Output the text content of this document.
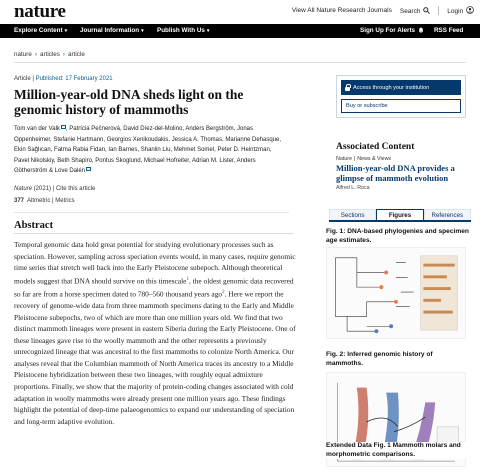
nature	View All Nature Research Journals Search	Login
Explore Content ▾ Journal Information ▾ Publish With Us ▾	Sign Up For Alerts	RSS Feed
nature › articles › article
Article | Published: 17 February 2021
Million-year-old DNA sheds light on the genomic history of mammoths
Tom van der Valk , Patrícia Pečnerová, David Díez-del-Molino, Anders Bergström, Jonas Oppenheimer, Stefanie Hartmann, Georgios Xenikoudakis, Jessica A. Thomas, Marianne Dehasque, Ekin Sağlıcan, Fatma Rabia Fidan, Ian Barnes, Shanlin Liu, Mehmet Somel, Peter D. Heintzman, Pavel Nikolskiy, Beth Shapiro, Pontus Skoglund, Michael Hofreiter, Adrian M. Lister, Anders Götherström & Love Dalén
Nature (2021) | Cite this article
377 Altmetric | Metrics
Abstract

Temporal genomic data hold great potential for studying evolutionary processes such as speciation. However, sampling across speciation events would, in many cases, require genomic time series that stretch well back into the Early Pleistocene subepoch. Although theoretical models suggest that DNA should survive on this timescale$^1$, the oldest genomic data recovered so far are from a horse specimen dated to 780–560 thousand years ago$^2$. Here we report the recovery of genome-wide data from three mammoth specimens dating to the Early and Middle Pleistocene subepochs, two of which are more than one million years old. We find that two distinct mammoth lineages were present in eastern Siberia during the Early Pleistocene. One of these lineages gave rise to the woolly mammoth and the other represents a previously unrecognized lineage that was ancestral to the first mammoths to colonize North America. Our analyses reveal that the Columbian mammoth of North America traces its ancestry to a Middle Pleistocene hybridization between these two lineages, with roughly equal admixture proportions. Finally, we show that the majority of protein-coding changes associated with cold adaptation in woolly mammoths were already present one million years ago. These findings highlight the potential of deep-time palaeogenomics to expand our understanding of speciation and long-term adaptive evolution.

Access through your institution
Buy or subscribe
Associated Content
Nature | News & Views
Million-year-old DNA provides a glimpse of mammoth evolution
Alfred L. Roca
Sections	Figures	References
Fig. 1: DNA-based phylogenies and specimen age estimates.
Fig. 2: Inferred genomic history of mammoths.
Extended Data Fig. 1 Mammoth molars and morphometric comparisons.
